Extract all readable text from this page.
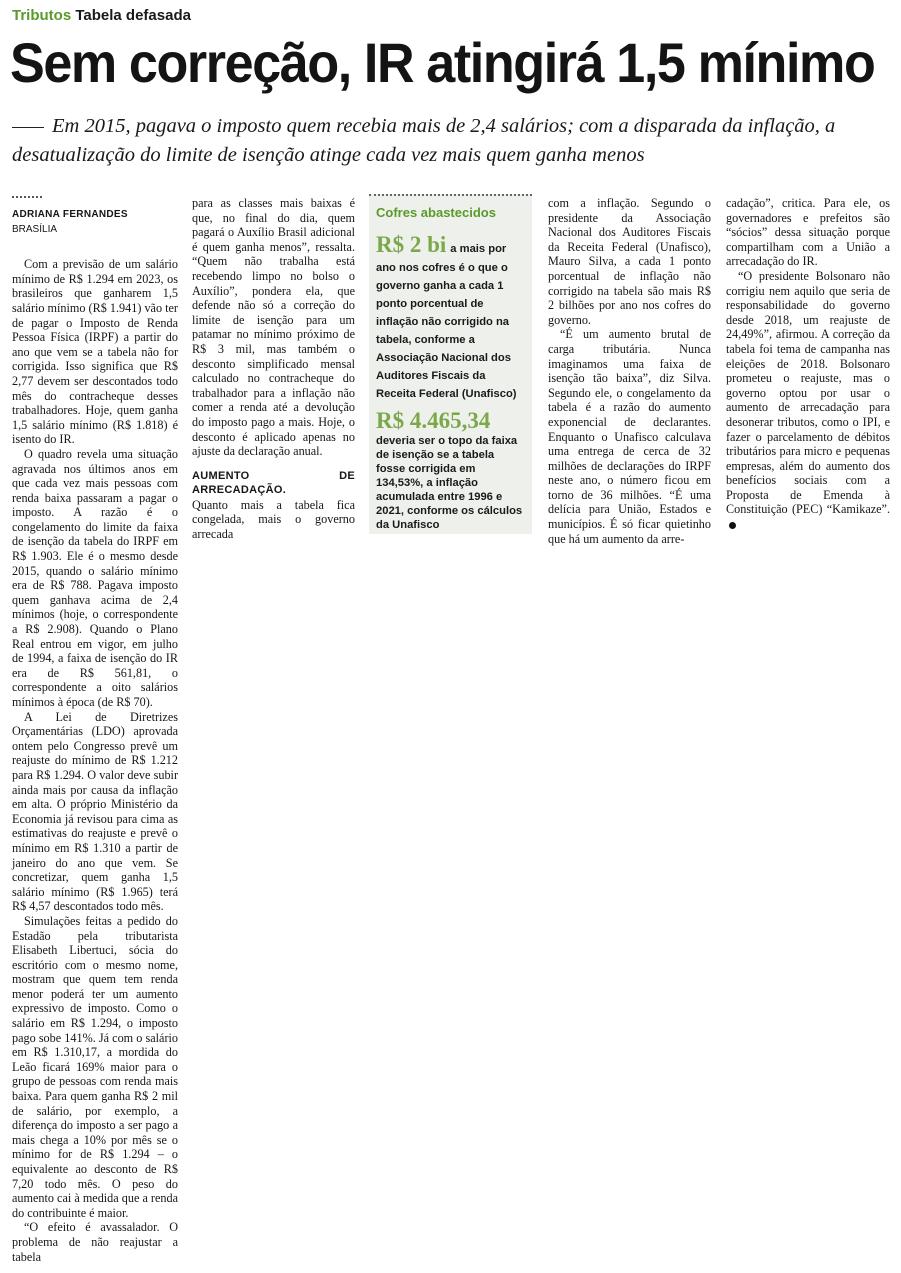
Tributos Tabela defasada
Sem correção, IR atingirá 1,5 mínimo

Em 2015, pagava o imposto quem recebia mais de 2,4 salários; com a disparada da inflação, a desatualização do limite de isenção atinge cada vez mais quem ganha menos

ADRIANA FERNANDES
BRASÍLIA

Com a previsão de um salário mínimo de R$ 1.294 em 2023, os brasileiros que ganharem 1,5 salário mínimo (R$ 1.941) vão ter de pagar o Imposto de Renda Pessoa Física (IRPF) a partir do ano que vem se a tabela não for corrigida. Isso significa que R$ 2,77 devem ser descontados todo mês do contracheque desses trabalhadores. Hoje, quem ganha 1,5 salário mínimo (R$ 1.818) é isento do IR.

O quadro revela uma situação agravada nos últimos anos em que cada vez mais pessoas com renda baixa passaram a pagar o imposto. A razão é o congelamento do limite da faixa de isenção da tabela do IRPF em R$ 1.903. Ele é o mesmo desde 2015, quando o salário mínimo era de R$ 788. Pagava imposto quem ganhava acima de 2,4 mínimos (hoje, o correspondente a R$ 2.908). Quando o Plano Real entrou em vigor, em julho de 1994, a faixa de isenção do IR era de R$ 561,81, o correspondente a oito salários mínimos à época (de R$ 70).

A Lei de Diretrizes Orçamentárias (LDO) aprovada ontem pelo Congresso prevê um reajuste do mínimo de R$ 1.212 para R$ 1.294. O valor deve subir ainda mais por causa da inflação em alta. O próprio Ministério da Economia já revisou para cima as estimativas do reajuste e prevê o mínimo em R$ 1.310 a partir de janeiro do ano que vem. Se concretizar, quem ganha 1,5 salário mínimo (R$ 1.965) terá R$ 4,57 descontados todo mês.

Simulações feitas a pedido do Estadão pela tributarista Elisabeth Libertuci, sócia do escritório com o mesmo nome, mostram que quem tem renda menor poderá ter um aumento expressivo de imposto. Como o salário em R$ 1.294, o imposto pago sobe 141%. Já com o salário em R$ 1.310,17, a mordida do Leão ficará 169% maior para o grupo de pessoas com renda mais baixa. Para quem ganha R$ 2 mil de salário, por exemplo, a diferença do imposto a ser pago a mais chega a 10% por mês se o mínimo for de R$ 1.294 – o equivalente ao desconto de R$ 7,20 todo mês. O peso do aumento cai à medida que a renda do contribuinte é maior.

“O efeito é avassalador. O problema de não reajustar a tabela

para as classes mais baixas é que, no final do dia, quem pagará o Auxílio Brasil adicional é quem ganha menos”, ressalta. “Quem não trabalha está recebendo limpo no bolso o Auxílio”, pondera ela, que defende não só a correção do limite de isenção para um patamar no mínimo próximo de R$ 3 mil, mas também o desconto simplificado mensal calculado no contracheque do trabalhador para a inflação não comer a renda até a devolução do imposto pago a mais. Hoje, o desconto é aplicado apenas no ajuste da declaração anual.

AUMENTO DE ARRECADAÇÃO.

Quanto mais a tabela fica congelada, mais o governo arrecada

Cofres abastecidos
R$ 2 bi a mais por ano nos cofres é o que o governo ganha a cada 1 ponto porcentual de inflação não corrigido na tabela, conforme a Associação Nacional dos Auditores Fiscais da Receita Federal (Unafisco)
R$ 4.465,34
deveria ser o topo da faixa de isenção se a tabela fosse corrigida em 134,53%, a inflação acumulada entre 1996 e 2021, conforme os cálculos da Unafisco

com a inflação. Segundo o presidente da Associação Nacional dos Auditores Fiscais da Receita Federal (Unafisco), Mauro Silva, a cada 1 ponto porcentual de inflação não corrigido na tabela são mais R$ 2 bilhões por ano nos cofres do governo.

“É um aumento brutal de carga tributária. Nunca imaginamos uma faixa de isenção tão baixa”, diz Silva. Segundo ele, o congelamento da tabela é a razão do aumento exponencial de declarantes. Enquanto o Unafisco calculava uma entrega de cerca de 32 milhões de declarações do IRPF neste ano, o número ficou em torno de 36 milhões. “É uma delícia para União, Estados e municípios. É só ficar quietinho que há um aumento da arre-

cadação”, critica. Para ele, os governadores e prefeitos são “sócios” dessa situação porque compartilham com a União a arrecadação do IR.

“O presidente Bolsonaro não corrigiu nem aquilo que seria de responsabilidade do governo desde 2018, um reajuste de 24,49%”, afirmou. A correção da tabela foi tema de campanha nas eleições de 2018. Bolsonaro prometeu o reajuste, mas o governo optou por usar o aumento de arrecadação para desonerar tributos, como o IPI, e fazer o parcelamento de débitos tributários para micro e pequenas empresas, além do aumento dos benefícios sociais com a Proposta de Emenda à Constituição (PEC) “Kamikaze”.
